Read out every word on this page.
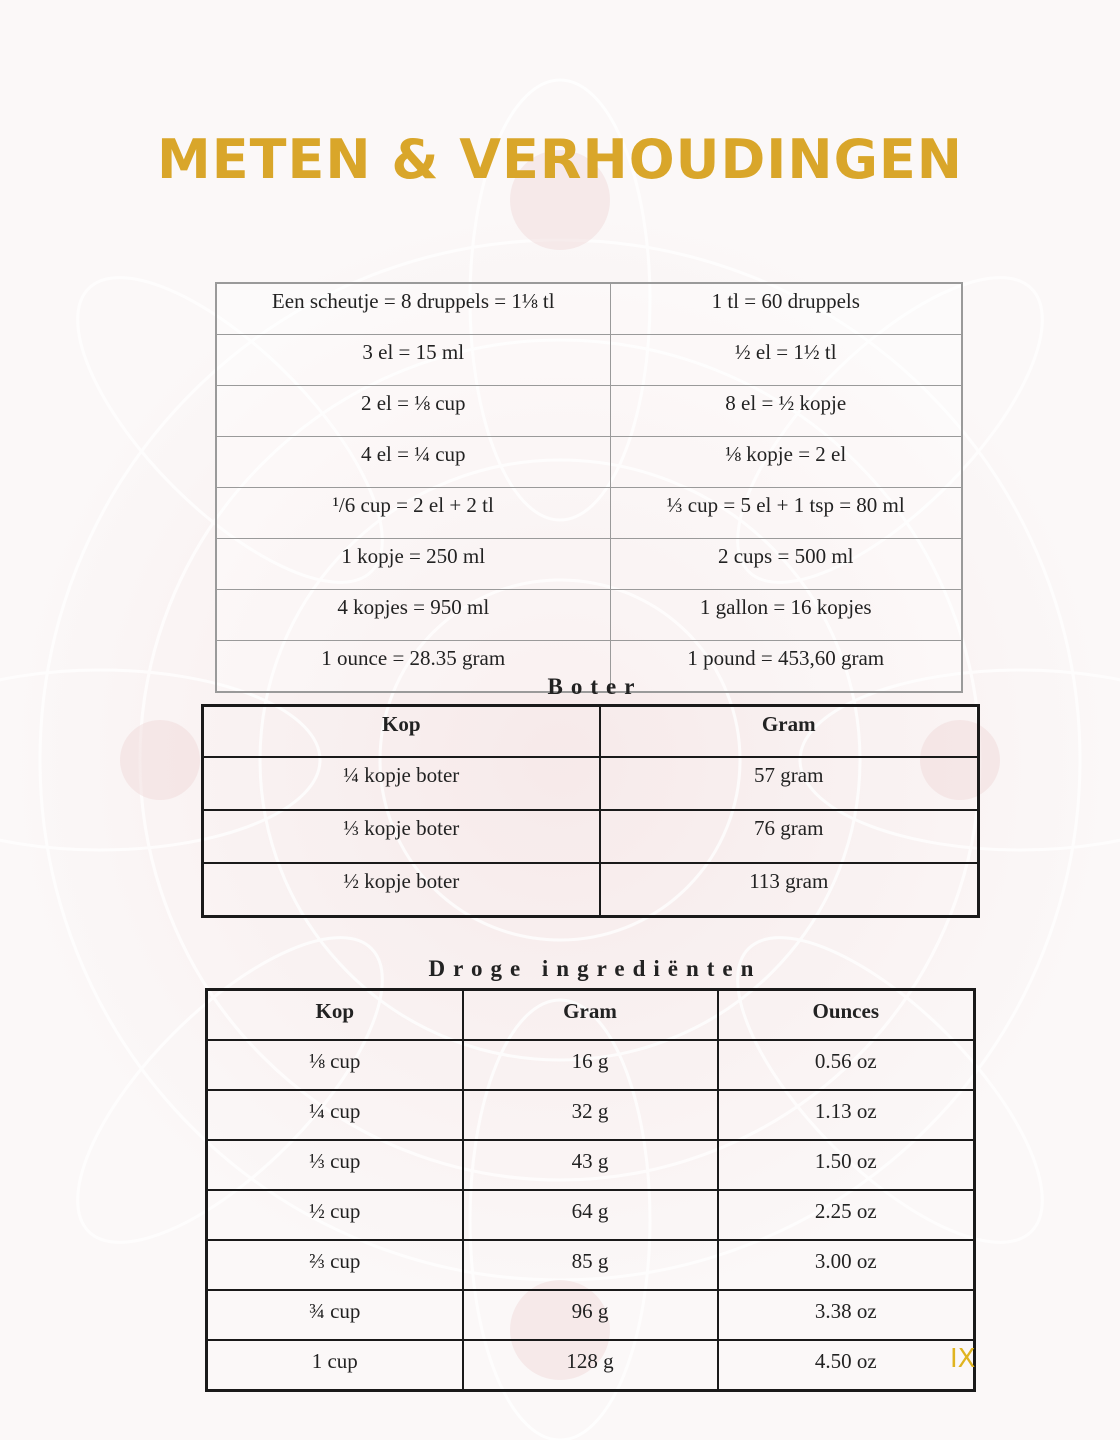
METEN & VERHOUDINGEN
Een scheutje = 8 druppels = 1⅛ tl	1 tl = 60 druppels
3 el = 15 ml	½ el = 1½ tl
2 el = ⅛ cup	8 el = ½ kopje
4 el = ¼ cup	⅛ kopje = 2 el
¹/6 cup = 2 el + 2 tl	⅓ cup = 5 el + 1 tsp = 80 ml
1 kopje = 250 ml	2 cups = 500 ml
4 kopjes = 950 ml	1 gallon = 16 kopjes
1 ounce = 28.35 gram	1 pound = 453,60 gram
Boter
Kop	Gram
¼ kopje boter	57 gram
⅓ kopje boter	76 gram
½ kopje boter	113 gram
Droge ingrediënten
Kop	Gram	Ounces
⅛ cup	16 g	0.56 oz
¼ cup	32 g	1.13 oz
⅓ cup	43 g	1.50 oz
½ cup	64 g	2.25 oz
⅔ cup	85 g	3.00 oz
¾ cup	96 g	3.38 oz
1 cup	128 g	4.50 oz	IX
